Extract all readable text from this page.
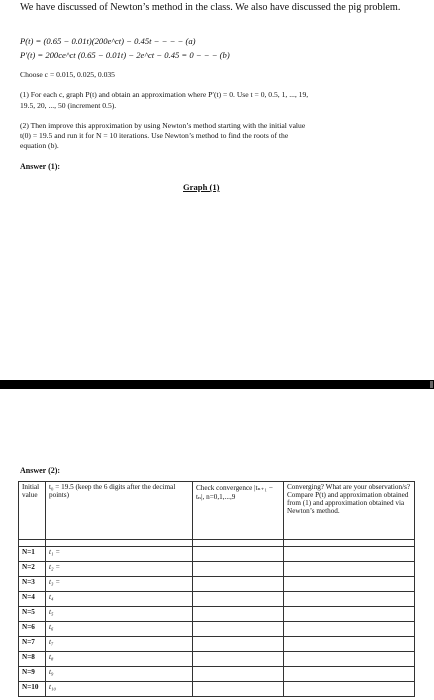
We have discussed of Newton’s method in the class. We also have discussed the pig problem.
P(t) = (0.65 − 0.01t)(200e^ct) − 0.45t − − − − (a)
P′(t) = 200ce^ct (0.65 − 0.01t) − 2e^ct − 0.45 = 0 − − − (b)
Choose c = 0.015, 0.025, 0.035
(1) For each c, graph P(t) and obtain an approximation where P′(t) = 0. Use t = 0, 0.5, 1, ..., 19,
19.5, 20, ..., 50 (increment 0.5).
(2) Then improve this approximation by using Newton’s method starting with the initial value
t(0) = 19.5 and run it for N = 10 iterations. Use Newton’s method to find the roots of the
equation (b).
Answer (1):
Graph (1)
Answer (2):
Initial value	t₀ = 19.5 (keep the 6 digits after the decimal points)	Check convergence |tₙ₊₁ − tₙ|, n=0,1,...,9	Converging? What are your observation/s? Compare P(t) and approximation obtained from (1) and approximation obtained via Newton’s method.

N=1	t₁ =		
N=2	t₂ =		
N=3	t₃ =		
N=4	t₄		
N=5	t₅		
N=6	t₆		
N=7	t₇		
N=8	t₈		
N=9	t₉		
N=10	t₁₀		
